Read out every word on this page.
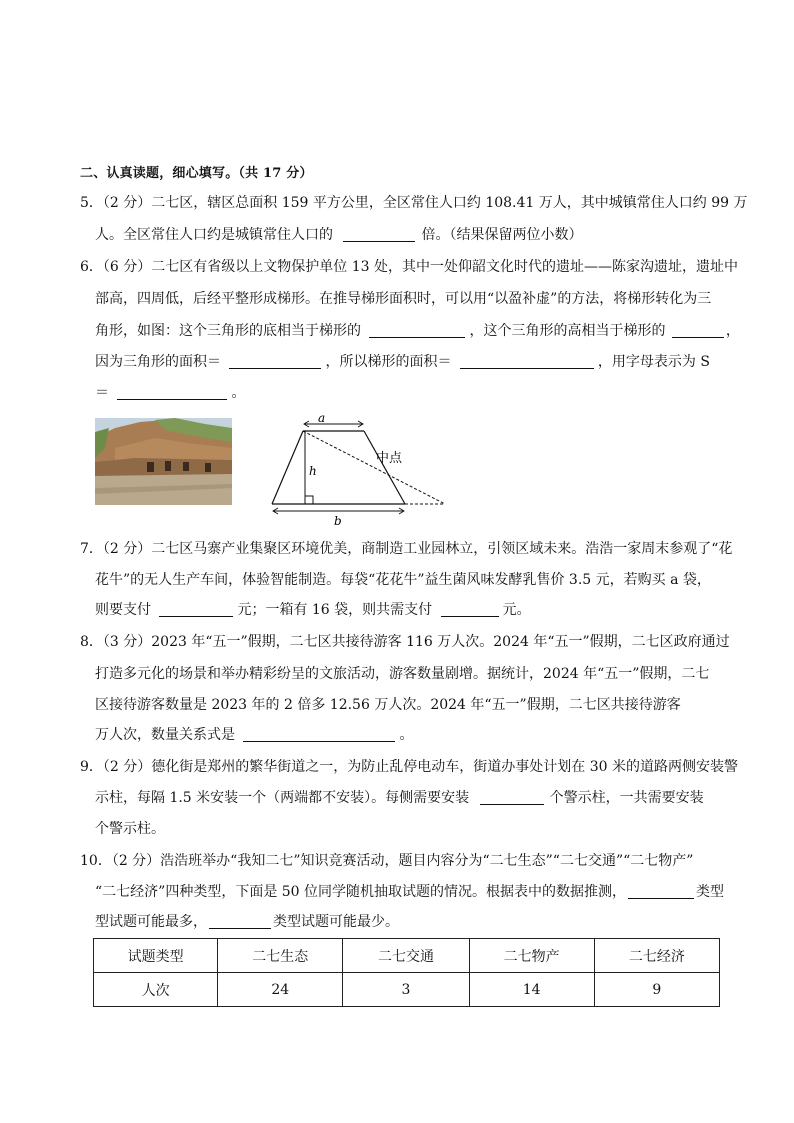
二、认真读题，细心填写。（共 17 分）
5．（2 分）二七区，辖区总面积 159 平方公里，全区常住人口约 108.41 万人，其中城镇常住人口约 99 万
人。全区常住人口约是城镇常住人口的	倍。（结果保留两位小数）
6．（6 分）二七区有省级以上文物保护单位 13 处，其中一处仰韶文化时代的遗址——陈家沟遗址，遗址中
部高，四周低，后经平整形成梯形。在推导梯形面积时，可以用“以盈补虚”的方法，将梯形转化为三
角形，如图：这个三角形的底相当于梯形的	，这个三角形的高相当于梯形的	，
因为三角形的面积＝	，所以梯形的面积＝	，用字母表示为 S
＝	。
a
h
b
中点
7．（2 分）二七区马寨产业集聚区环境优美，商制造工业园林立，引领区域未来。浩浩一家周末参观了“花
花牛”的无人生产车间，体验智能制造。每袋“花花牛”益生菌风味发酵乳售价 3.5 元，若购买 a 袋，
则要支付	元；一箱有 16 袋，则共需支付	元。
8．（3 分）2023 年“五一”假期，二七区共接待游客 116 万人次。2024 年“五一”假期，二七区政府通过
打造多元化的场景和举办精彩纷呈的文旅活动，游客数量剧增。据统计，2024 年“五一”假期，二七
区接待游客数量是 2023 年的 2 倍多 12.56 万人次。2024 年“五一”假期，二七区共接待游客
万人次，数量关系式是	。
9．（2 分）德化街是郑州的繁华街道之一，为防止乱停电动车，街道办事处计划在 30 米的道路两侧安装警
示柱，每隔 1.5 米安装一个（两端都不安装）。每侧需要安装	个警示柱，一共需要安装
个警示柱。
10．（2 分）浩浩班举办“我知二七”知识竞赛活动，题目内容分为“二七生态”“二七交通”“二七物产”
“二七经济”四种类型，下面是 50 位同学随机抽取试题的情况。根据表中的数据推测，	类型
型试题可能最多，	类型试题可能最少。
试题类型	二七生态	二七交通	二七物产	二七经济
人次	24	3	14	9
